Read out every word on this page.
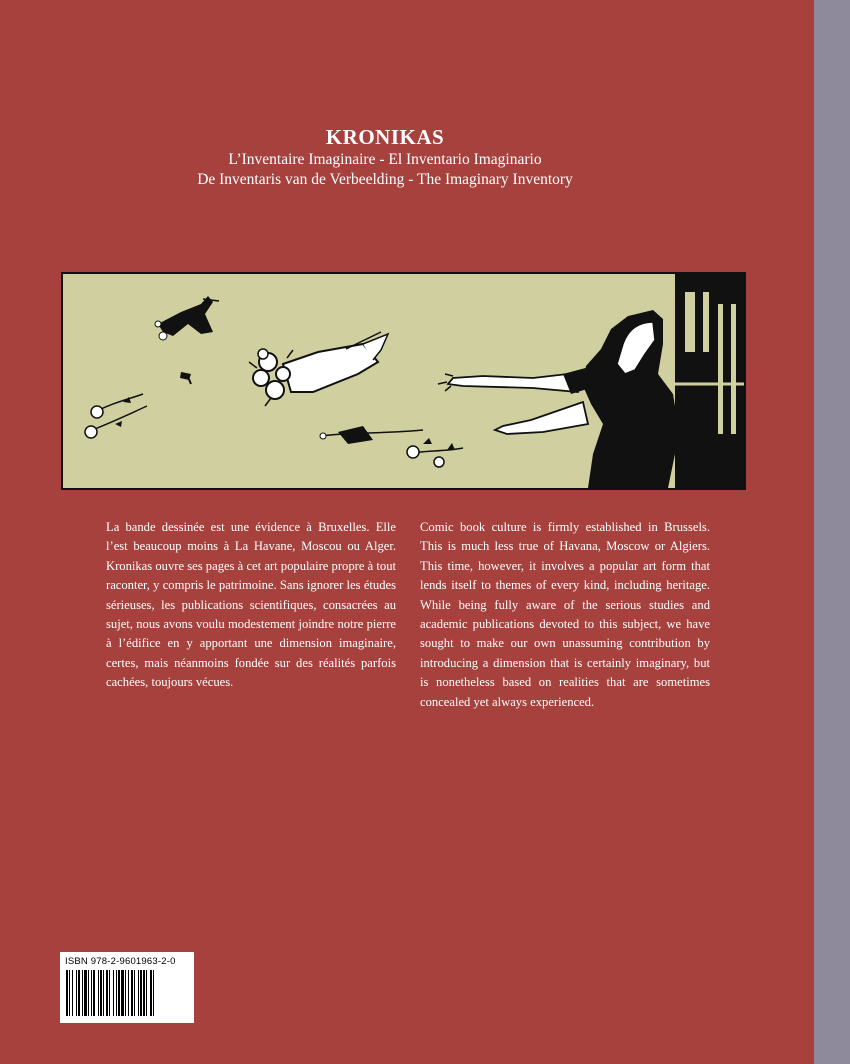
KRONIKAS

L’Inventaire Imaginaire - El Inventario Imaginario

De Inventaris van de Verbeelding - The Imaginary Inventory

La bande dessinée est une évidence à Bruxelles. Elle l’est beaucoup moins à La Havane, Moscou ou Alger. Kronikas ouvre ses pages à cet art populaire propre à tout raconter, y compris le patrimoine. Sans ignorer les études sérieuses, les publications scientifiques, consacrées au sujet, nous avons voulu modestement joindre notre pierre à l’édifice en y apportant une dimension imaginaire, certes, mais néanmoins fondée sur des réalités parfois cachées, toujours vécues.

Comic book culture is firmly established in Brussels. This is much less true of Havana, Moscow or Algiers. This time, however, it involves a popular art form that lends itself to themes of every kind, including heritage. While being fully aware of the serious studies and academic publications devoted to this subject, we have sought to make our own unassuming contribution by introducing a dimension that is certainly imaginary, but is nonetheless based on realities that are sometimes concealed yet always experienced.

ISBN 978-2-9601963-2-0
